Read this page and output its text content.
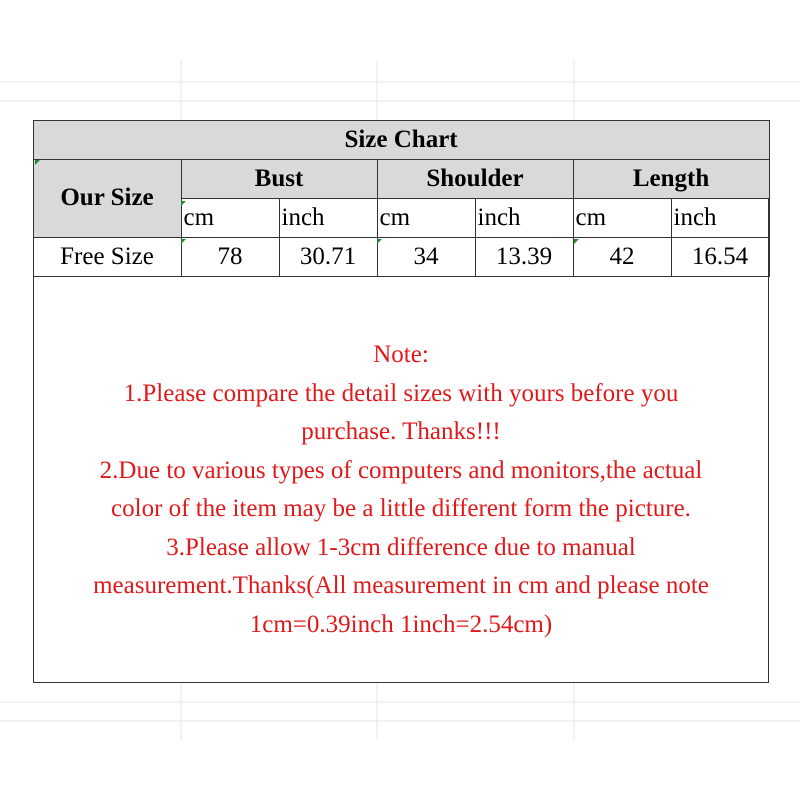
Size Chart						
Our Size	Bust		Shoulder		Length	
	cm	inch	cm	inch	cm	inch
Free Size	78	30.71	34	13.39	42	16.54
Note:
1.Please compare the detail sizes with yours before you
purchase. Thanks!!!
2.Due to various types of computers and monitors,the actual
color of the item may be a little different form the picture.
3.Please allow 1-3cm difference due to manual
measurement.Thanks(All measurement in cm and please note
1cm=0.39inch 1inch=2.54cm)
